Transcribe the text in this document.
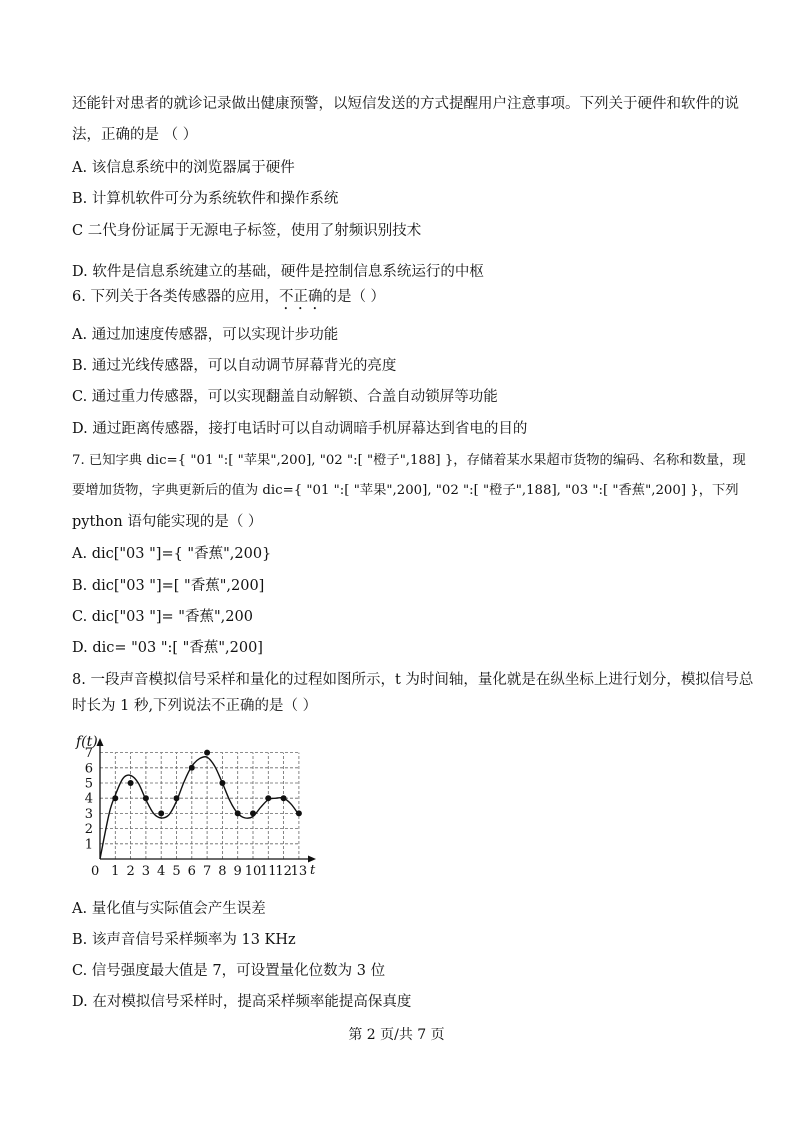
还能针对患者的就诊记录做出健康预警，以短信发送的方式提醒用户注意事项。下列关于硬件和软件的说
法，正确的是 （ ）
A. 该信息系统中的浏览器属于硬件
B. 计算机软件可分为系统软件和操作系统
C 二代身份证属于无源电子标签，使用了射频识别技术
D. 软件是信息系统建立的基础，硬件是控制信息系统运行的中枢
6. 下列关于各类传感器的应用，不正确的是（ ）
A. 通过加速度传感器，可以实现计步功能
B. 通过光线传感器，可以自动调节屏幕背光的亮度
C. 通过重力传感器，可以实现翻盖自动解锁、合盖自动锁屏等功能
D. 通过距离传感器，接打电话时可以自动调暗手机屏幕达到省电的目的
7. 已知字典 dic={ "01 ":[ "苹果",200], "02 ":[ "橙子",188] }，存储着某水果超市货物的编码、名称和数量，现
要增加货物，字典更新后的值为 dic={ "01 ":[ "苹果",200], "02 ":[ "橙子",188], "03 ":[ "香蕉",200] }，下列
python 语句能实现的是（ ）
A. dic["03 "]={ "香蕉",200}
B. dic["03 "]=[ "香蕉",200]
C. dic["03 "]= "香蕉",200
D. dic= "03 ":[ "香蕉",200]
8. 一段声音模拟信号采样和量化的过程如图所示，t 为时间轴，量化就是在纵坐标上进行划分，模拟信号总
时长为 1 秒,下列说法不正确的是（ ）
f(t)
t
0
1
2
3
4
5
6
7
1 2 3 4 5 6 7 8 9 10
11
12
13
A. 量化值与实际值会产生误差
B. 该声音信号采样频率为 13 KHz
C. 信号强度最大值是 7，可设置量化位数为 3 位
D. 在对模拟信号采样时，提高采样频率能提高保真度
第 2 页/共 7 页
